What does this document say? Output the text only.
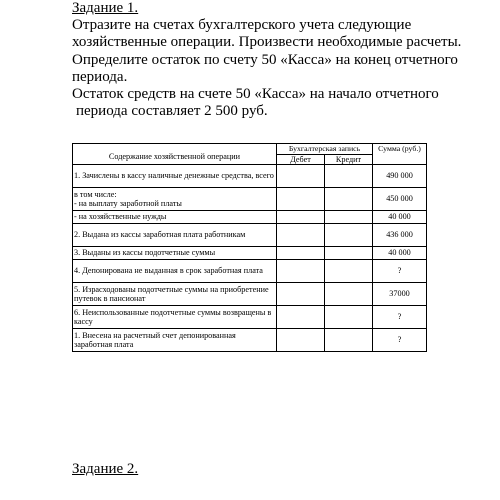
Задание 1.
Отразите на счетах бухгалтерского учета следующие
хозяйственные операции. Произвести необходимые расчеты.
Определите остаток по счету 50 «Касса» на конец отчетного
периода.
Остаток средств на счете 50 «Касса» на начало отчетного
периода составляет 2 500 руб.
Содержание хозяйственной операции	Бухгалтерская запись		Сумма (руб.)
	Дебет	Кредит	
1. Зачислены в кассу наличные денежные средства, всего			490 000
в том числе:
- на выплату заработной платы			450 000
- на хозяйственные нужды			40 000
2. Выдана из кассы заработная плата работникам			436 000
3. Выданы из кассы подотчетные суммы			40 000
4. Депонирована не выданная в срок заработная плата			?
5. Израсходованы подотчетные суммы на приобретение путевок в пансионат			37000
6. Неиспользованные подотчетные суммы возвращены в кассу			?
1. Внесена на расчетный счет депонированная заработная плата			?
Задание 2.
